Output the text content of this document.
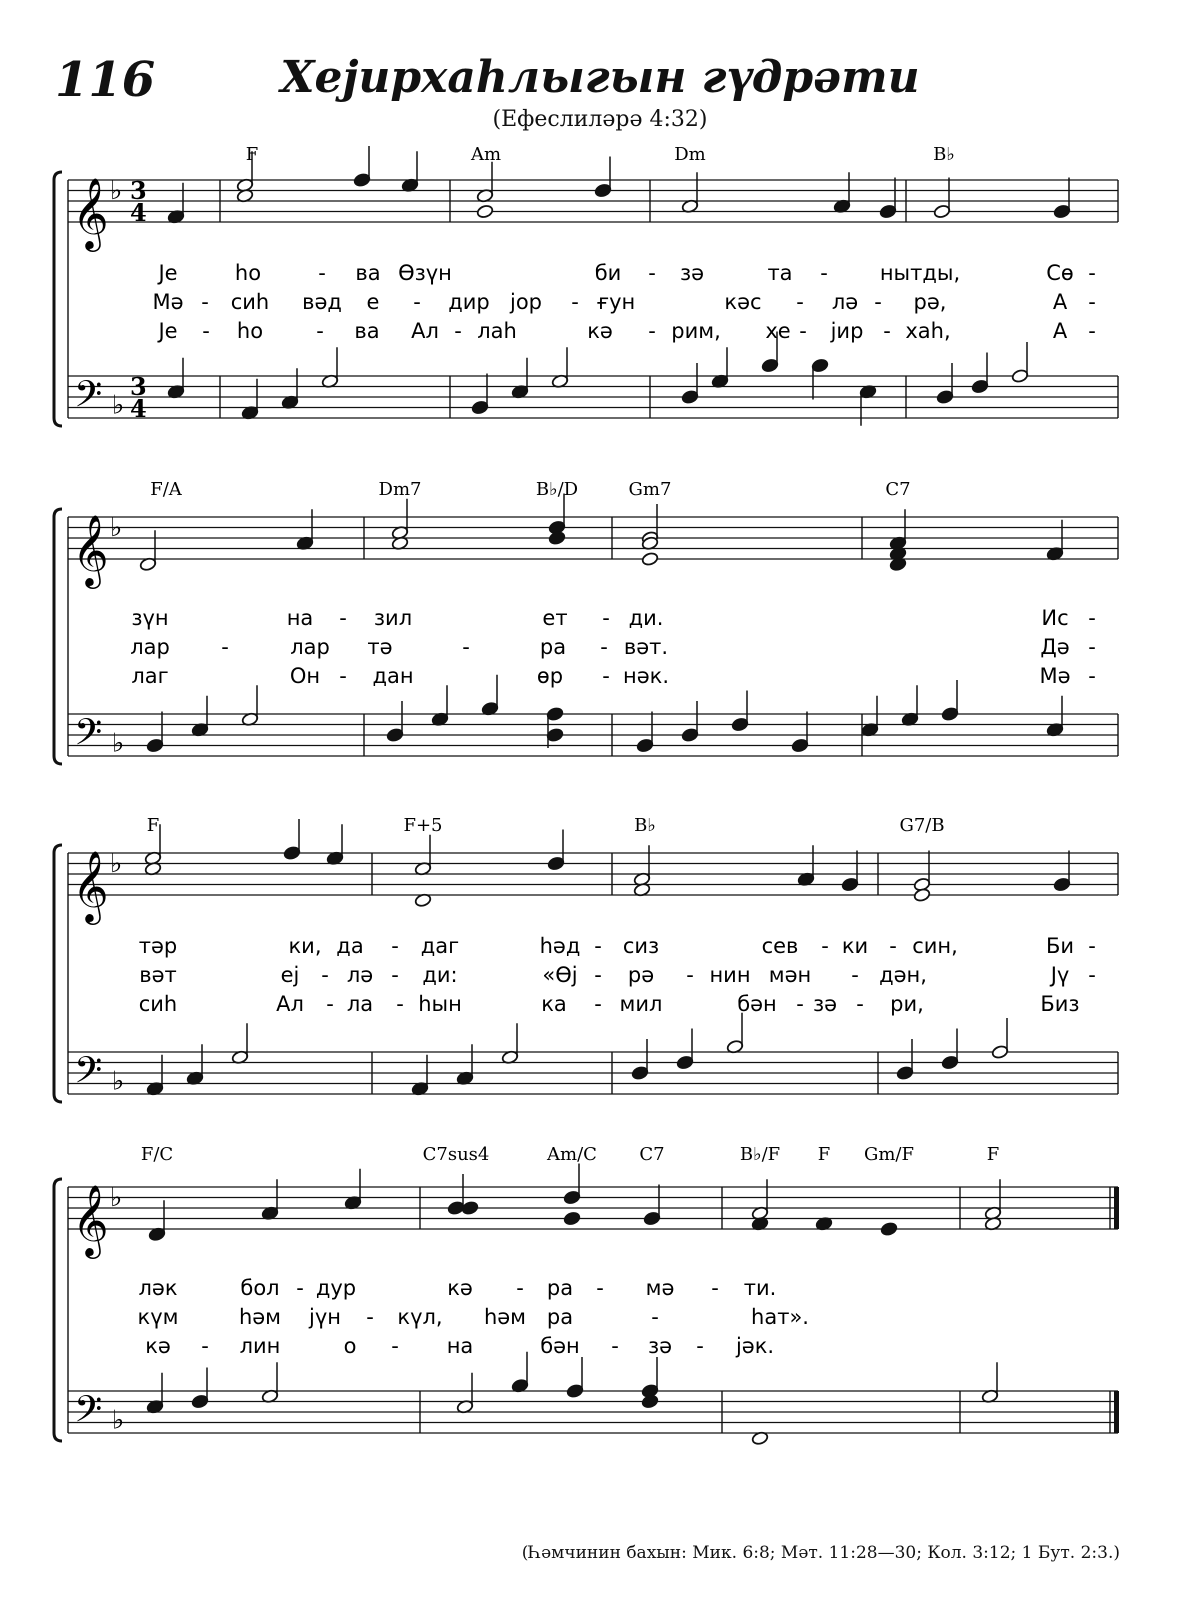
116	Хејирхаһлыгын гүдрәти
(Ефеслиләрә 4:32)
𝄞 ♭ 3
4
𝄢 ♭
3
4
F	Am	Dm	B♭
Је	ho	- ва Өзүн	би - зә	та - нытды,	Сө -
Мә - сиһ вәд е - дир јор - ғун	кәс - лә - рә,	А -
Је - ho	- ва Ал - лаh	кә - рим, хе - јир - хаh,	А -
𝄞 ♭
𝄢 ♭
F/A	Dm7	B♭/D	Gm7	C7
зүн	на - зил	ет - ди.	Ис -
лар -	лар тә	-	ра - вәт.	Дә -
лаг	Он - дан	өр - нәк.	Мә -
𝄞 ♭
𝄢 ♭
F	F+5	B♭	G7/B
тәр	ки, да - даг	һәд - сиз	сев - ки - син,	Би -
вәт	еј - лә - ди:	«Өј - рә - нин мән - дән,	Јү -
сиһ	Ал - ла - һын	ка - мил	бән - зә - ри,	Биз
𝄞 ♭
𝄢 ♭
F/C	C7sus4	Am/C C7	B♭/F F Gm/F	F
ләк	бол - дур	кә - ра - мә - ти.
күм	һәм јүн - күл, һәм ра	-	һат».
кә - лин	о - на	бән - зә - јәк.
(Һәмчинин бахын: Мик. 6:8; Мәт. 11:28—30; Кол. 3:12; 1 Бут. 2:3.)
